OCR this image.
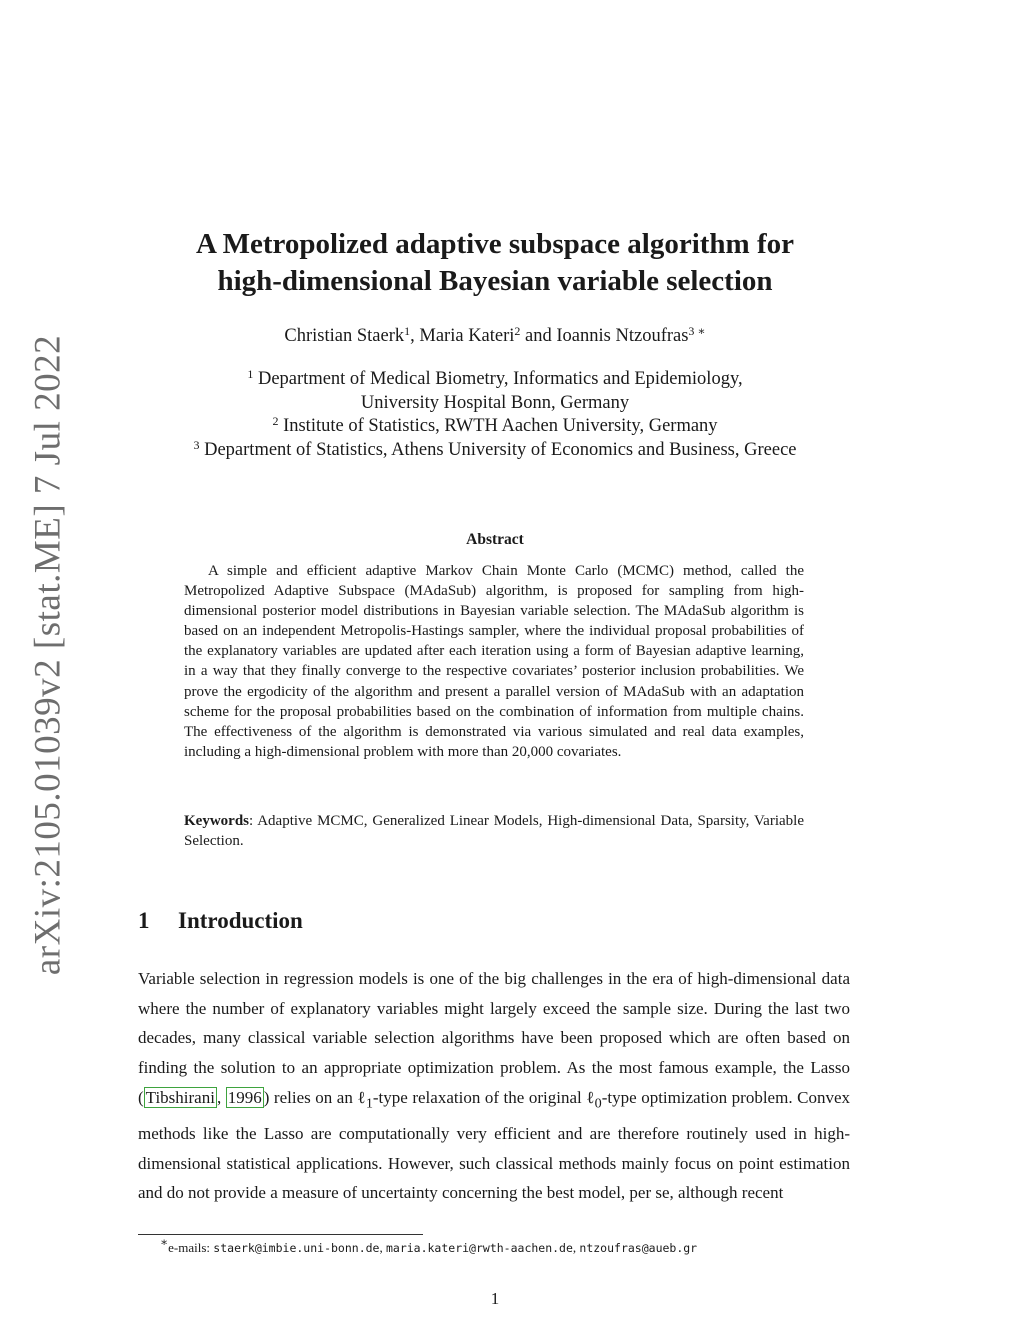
arXiv:2105.01039v2 [stat.ME] 7 Jul 2022
A Metropolized adaptive subspace algorithm for
high-dimensional Bayesian variable selection
Christian Staerk$^1$, Maria Kateri$^2$ and Ioannis Ntzoufras$^{3 ∗}$
$^1$ Department of Medical Biometry, Informatics and Epidemiology,
University Hospital Bonn, Germany
$^2$ Institute of Statistics, RWTH Aachen University, Germany
$^3$ Department of Statistics, Athens University of Economics and Business, Greece
Abstract

A simple and efficient adaptive Markov Chain Monte Carlo (MCMC) method, called the Metropolized Adaptive Subspace (MAdaSub) algorithm, is proposed for sampling from high-dimensional posterior model distributions in Bayesian variable selection. The MAdaSub algorithm is based on an independent Metropolis-Hastings sampler, where the individual proposal probabilities of the explanatory variables are updated after each iteration using a form of Bayesian adaptive learning, in a way that they finally converge to the respective covariates’ posterior inclusion probabilities. We prove the ergodicity of the algorithm and present a parallel version of MAdaSub with an adaptation scheme for the proposal probabilities based on the combination of information from multiple chains. The effectiveness of the algorithm is demonstrated via various simulated and real data examples, including a high-dimensional problem with more than 20,000 covariates.

Keywords: Adaptive MCMC, Generalized Linear Models, High-dimensional Data, Sparsity, Variable Selection.

1 Introduction

Variable selection in regression models is one of the big challenges in the era of high-dimensional data where the number of explanatory variables might largely exceed the sample size. During the last two decades, many classical variable selection algorithms have been proposed which are often based on finding the solution to an appropriate optimization problem. As the most famous example, the Lasso ( Tibshirani , 1996 ) relies on an ℓ$_1$-type relaxation of the original ℓ$_0$-type optimization problem. Convex methods like the Lasso are computationally very efficient and are therefore routinely used in high-dimensional statistical applications. However, such classical methods mainly focus on point estimation and do not provide a measure of uncertainty concerning the best model, per se, although recent

∗e-mails: staerk@imbie.uni-bonn.de, maria.kateri@rwth-aachen.de, ntzoufras@aueb.gr
1
